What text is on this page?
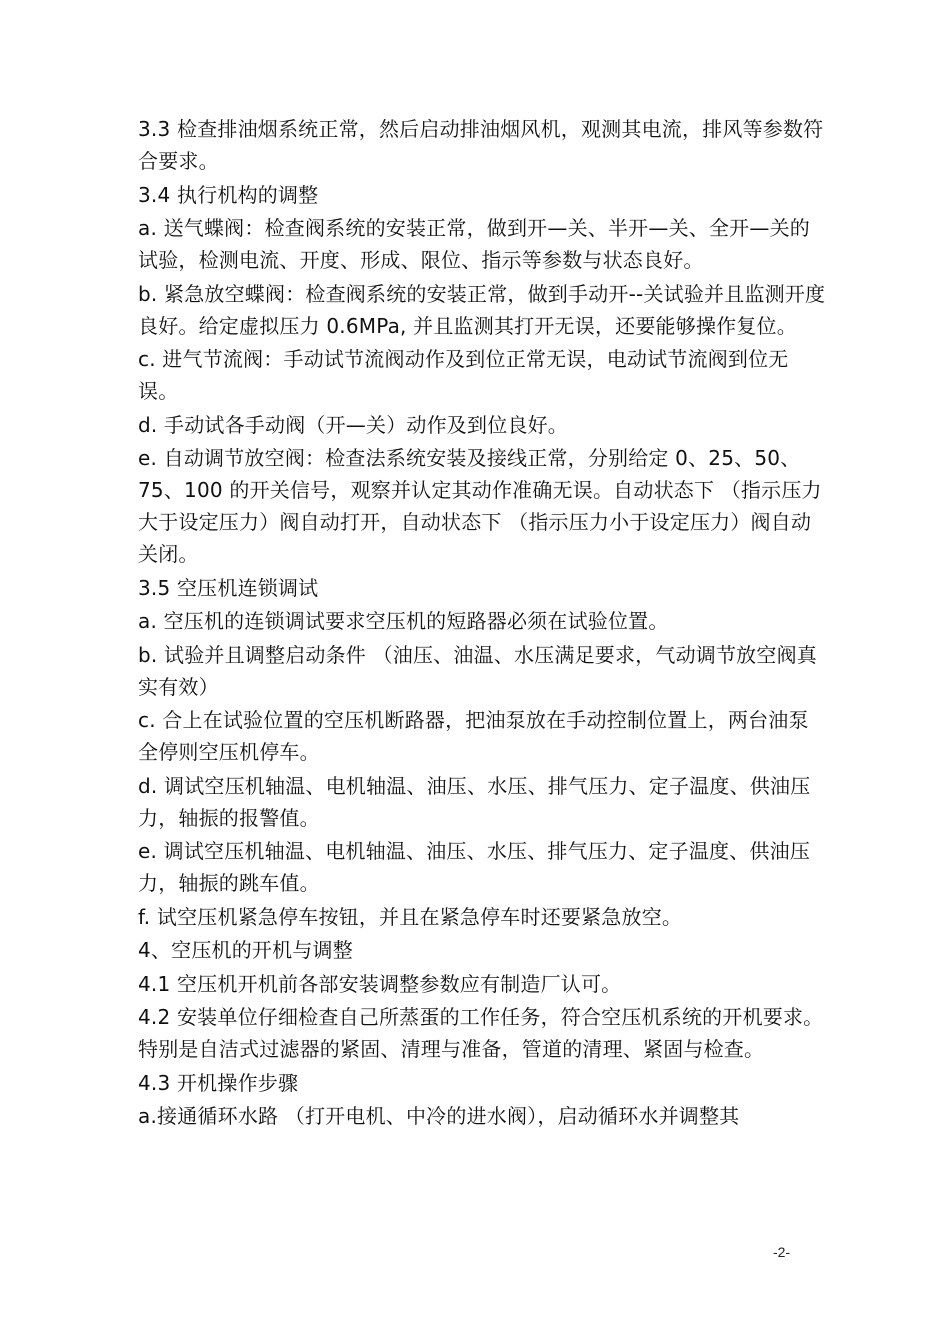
3.3 检查排油烟系统正常，然后启动排油烟风机，观测其电流，排风等参数符合要求。

3.4 执行机构的调整

a. 送气蝶阀：检查阀系统的安装正常，做到开—关、半开—关、全开—关的试验，检测电流、开度、形成、限位、指示等参数与状态良好。

b. 紧急放空蝶阀：检查阀系统的安装正常，做到手动开--关试验并且监测开度良好。给定虚拟压力 0.6MPa, 并且监测其打开无误，还要能够操作复位。

c. 进气节流阀：手动试节流阀动作及到位正常无误，电动试节流阀到位无误。

d. 手动试各手动阀（开—关）动作及到位良好。

e. 自动调节放空阀：检查法系统安装及接线正常，分别给定 0、25、50、75、100 的开关信号，观察并认定其动作准确无误。自动状态下 （指示压力大于设定压力）阀自动打开，自动状态下 （指示压力小于设定压力）阀自动关闭。

3.5 空压机连锁调试

a. 空压机的连锁调试要求空压机的短路器必须在试验位置。

b. 试验并且调整启动条件 （油压、油温、水压满足要求，气动调节放空阀真实有效）

c. 合上在试验位置的空压机断路器，把油泵放在手动控制位置上，两台油泵全停则空压机停车。

d. 调试空压机轴温、电机轴温、油压、水压、排气压力、定子温度、供油压力，轴振的报警值。

e. 调试空压机轴温、电机轴温、油压、水压、排气压力、定子温度、供油压力，轴振的跳车值。

f. 试空压机紧急停车按钮，并且在紧急停车时还要紧急放空。

4、空压机的开机与调整

4.1 空压机开机前各部安装调整参数应有制造厂认可。

4.2 安装单位仔细检查自己所蒸蛋的工作任务，符合空压机系统的开机要求。特别是自洁式过滤器的紧固、清理与准备，管道的清理、紧固与检查。

4.3 开机操作步骤

a.接通循环水路 （打开电机、中冷的进水阀），启动循环水并调整其

-2-
